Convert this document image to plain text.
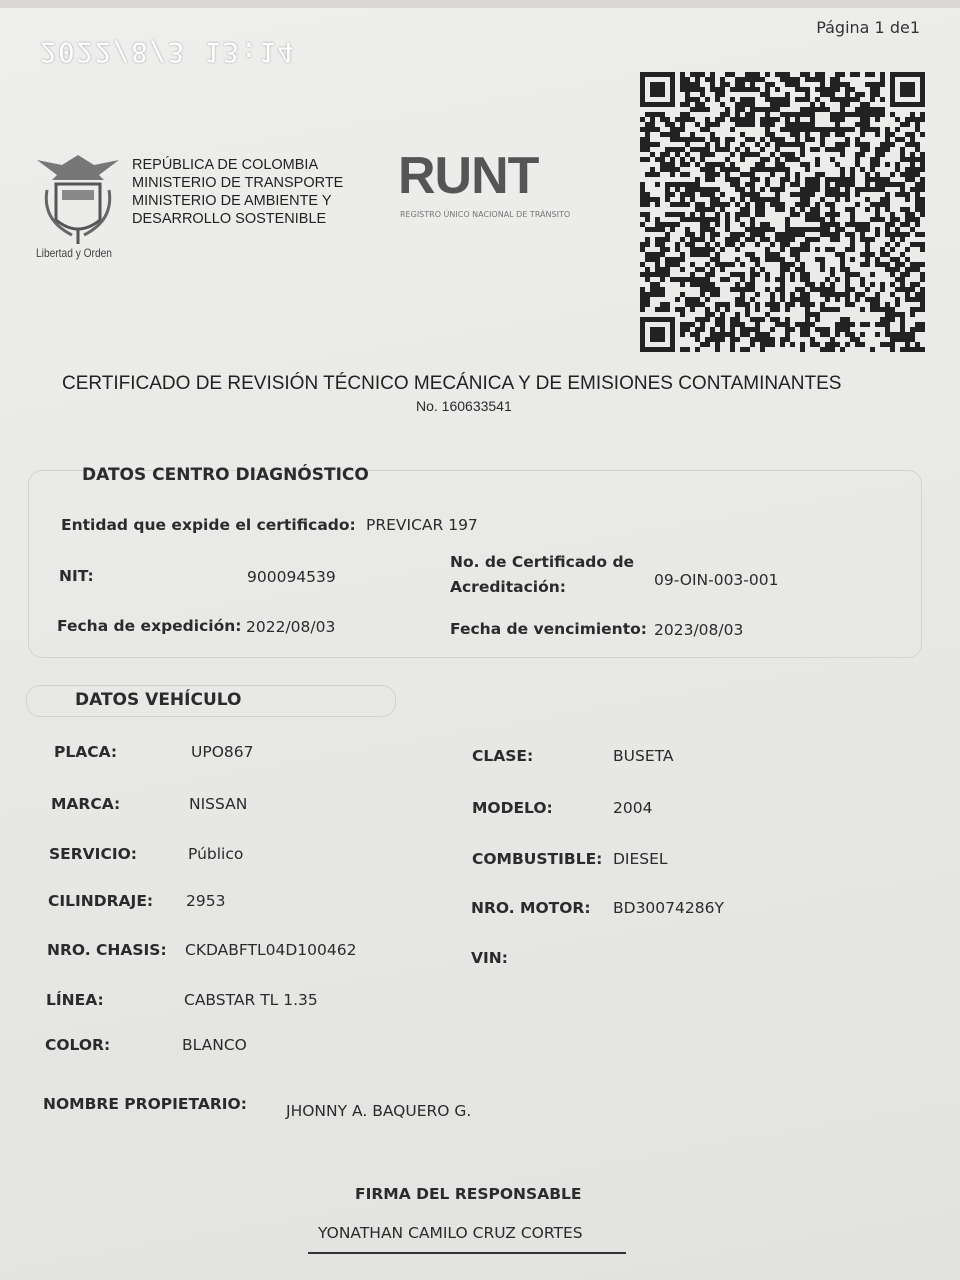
2022/8/3 13:14
Página 1 de1
Libertad y Orden
REPÚBLICA DE COLOMBIA
MINISTERIO DE TRANSPORTE
MINISTERIO DE AMBIENTE Y
DESARROLLO SOSTENIBLE
RUNT
REGISTRO ÚNICO NACIONAL DE TRÁNSITO
CERTIFICADO DE REVISIÓN TÉCNICO MECÁNICA Y DE EMISIONES CONTAMINANTES
No. 160633541
DATOS CENTRO DIAGNÓSTICO
Entidad que expide el certificado: PREVICAR 197
NIT:	900094539
No. de Certificado de
Acreditación:	09-OIN-003-001
Fecha de expedición: 2022/08/03	Fecha de vencimiento: 2023/08/03
DATOS VEHÍCULO
PLACA:	UPO867
MARCA:	NISSAN
SERVICIO:	Público
CILINDRAJE: 2953
NRO. CHASIS: CKDABFTL04D100462
LÍNEA:	CABSTAR TL 1.35
COLOR:	BLANCO
CLASE:	BUSETA
MODELO:	2004
COMBUSTIBLE: DIESEL
NRO. MOTOR: BD30074286Y
VIN:
NOMBRE PROPIETARIO:	JHONNY A. BAQUERO G.
FIRMA DEL RESPONSABLE
YONATHAN CAMILO CRUZ CORTES
